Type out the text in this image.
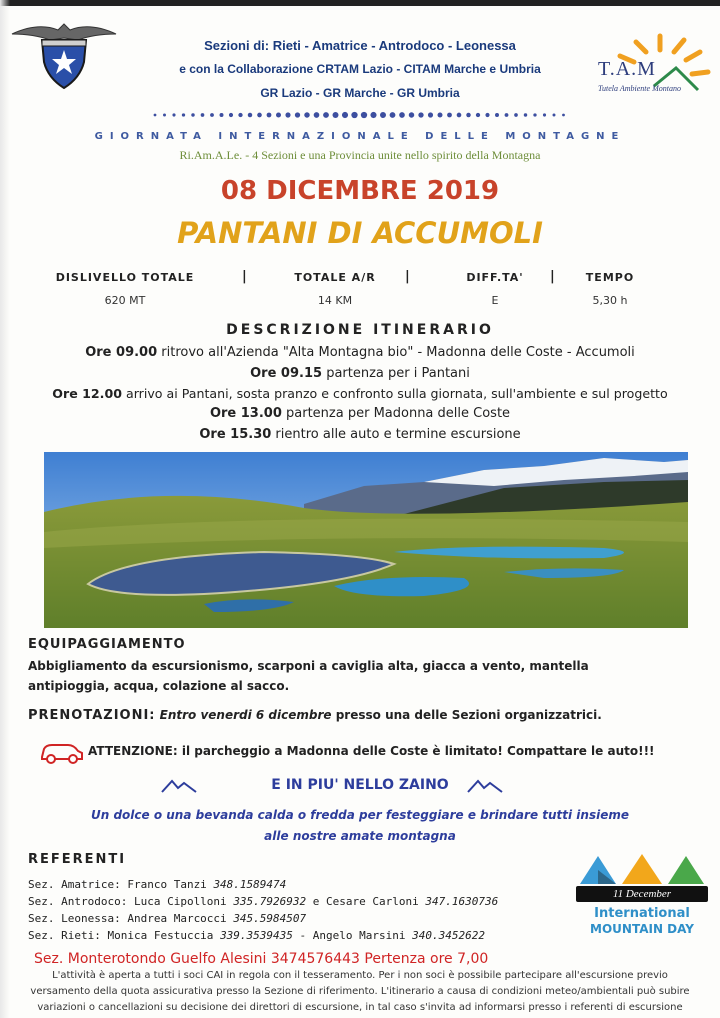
Sezioni di: Rieti - Amatrice - Antrodoco - Leonessa
e con la Collaborazione CRTAM Lazio - CITAM Marche e Umbria
GR Lazio - GR Marche - GR Umbria
T.A.M
Tutela Ambiente Montano
GIORNATA INTERNAZIONALE DELLE MONTAGNE
Ri.Am.A.Le. - 4 Sezioni e una Provincia unite nello spirito della Montagna
08 DICEMBRE 2019
PANTANI DI ACCUMOLI
DISLIVELLO TOTALE	|	TOTALE A/R	|	DIFF.TA'	|	TEMPO
620 MT	14 KM	E	5,30 h
DESCRIZIONE ITINERARIO
Ore 09.00 ritrovo all'Azienda "Alta Montagna bio" - Madonna delle Coste - Accumoli
Ore 09.15 partenza per i Pantani
Ore 12.00 arrivo ai Pantani, sosta pranzo e confronto sulla giornata, sull'ambiente e sul progetto
Ore 13.00 partenza per Madonna delle Coste
Ore 15.30 rientro alle auto e termine escursione
EQUIPAGGIAMENTO
Abbigliamento da escursionismo, scarponi a caviglia alta, giacca a vento, mantella
antipioggia, acqua, colazione al sacco.
PRENOTAZIONI: Entro venerdi 6 dicembre presso una delle Sezioni organizzatrici.
ATTENZIONE: il parcheggio a Madonna delle Coste è limitato! Compattare le auto!!!
E IN PIU' NELLO ZAINO
Un dolce o una bevanda calda o fredda per festeggiare e brindare tutti insieme
alle nostre amate montagna
REFERENTI
Sez. Amatrice: Franco Tanzi 348.1589474
Sez. Antrodoco: Luca Cipolloni 335.7926932 e Cesare Carloni 347.1630736
Sez. Leonessa: Andrea Marcocci 345.5984507
Sez. Rieti: Monica Festuccia 339.3539435 - Angelo Marsini 340.3452622
11 December
International
MOUNTAIN DAY
Sez. Monterotondo Guelfo Alesini 3474576443 Pertenza ore 7,00
L'attività è aperta a tutti i soci CAI in regola con il tesseramento. Per i non soci è possibile partecipare all'escursione previo
versamento della quota assicurativa presso la Sezione di riferimento. L'itinerario a causa di condizioni meteo/ambientali può subire
variazioni o cancellazioni su decisione dei direttori di escursione, in tal caso s'invita ad informarsi presso i referenti di escursione
